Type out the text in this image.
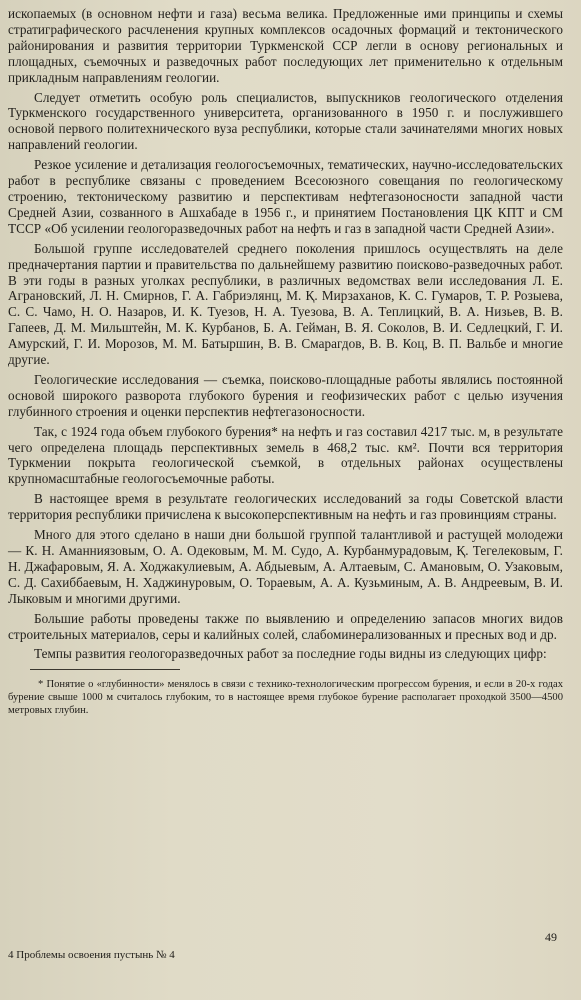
ископаемых (в основном нефти и газа) весьма велика. Предложенные ими принципы и схемы стратиграфического расчленения крупных комплексов осадочных формаций и тектонического районирования и развития территории Туркменской ССР легли в основу региональных и площадных, съемочных и разведочных работ последующих лет применительно к отдельным прикладным направлениям геологии.

Следует отметить особую роль специалистов, выпускников геологического отделения Туркменского государственного университета, организованного в 1950 г. и послужившего основой первого политехнического вуза республики, которые стали зачинателями многих новых направлений геологии.

Резкое усиление и детализация геологосъемочных, тематических, научно-исследовательских работ в республике связаны с проведением Всесоюзного совещания по геологическому строению, тектоническому развитию и перспективам нефтегазоносности западной части Средней Азии, созванного в Ашхабаде в 1956 г., и принятием Постановления ЦК КПТ и СМ ТССР «Об усилении геологоразведочных работ на нефть и газ в западной части Средней Азии».

Большой группе исследователей среднего поколения пришлось осуществлять на деле предначертания партии и правительства по дальнейшему развитию поисково-разведочных работ. В эти годы в разных уголках республики, в различных ведомствах вели исследования Л. Е. Аграновский, Л. Н. Смирнов, Г. А. Габриэлянц, М. Қ. Мирзаханов, К. С. Гумаров, Т. Р. Розыева, С. С. Чамо, Н. О. Назаров, И. К. Туезов, Н. А. Туезова, В. А. Теплицкий, В. А. Низьев, В. В. Гапеев, Д. М. Мильштейн, М. К. Курбанов, Б. А. Гейман, В. Я. Соколов, В. И. Седлецкий, Г. И. Амурский, Г. И. Морозов, М. М. Батыршин, В. В. Смарагдов, В. В. Коц, В. П. Вальбе и многие другие.

Геологические исследования — съемка, поисково-площадные работы являлись постоянной основой широкого разворота глубокого бурения и геофизических работ с целью изучения глубинного строения и оценки перспектив нефтегазоносности.

Так, с 1924 года объем глубокого бурения* на нефть и газ составил 4217 тыс. м, в результате чего определена площадь перспективных земель в 468,2 тыс. км². Почти вся территория Туркмении покрыта геологической съемкой, в отдельных районах осуществлены крупномасштабные геологосъемочные работы.

В настоящее время в результате геологических исследований за годы Советской власти территория республики причислена к высокоперспективным на нефть и газ провинциям страны.

Много для этого сделано в наши дни большой группой талантливой и растущей молодежи — К. Н. Аманниязовым, О. А. Одековым, М. М. Судо, А. Курбанмурадовым, Қ. Тегелековым, Г. Н. Джафаровым, Я. А. Ходжакулиевым, А. Абдыевым, А. Алтаевым, С. Амановым, О. Узаковым, С. Д. Сахиббаевым, Н. Хаджинуровым, О. Тораевым, А. А. Кузьминым, А. В. Андреевым, В. И. Лыковым и многими другими.

Большие работы проведены также по выявлению и определению запасов многих видов строительных материалов, серы и калийных солей, слабоминерализованных и пресных вод и др.

Темпы развития геологоразведочных работ за последние годы видны из следующих цифр:

* Понятие о «глубинности» менялось в связи с технико-технологическим прогрессом бурения, и если в 20-х годах бурение свыше 1000 м считалось глубоким, то в настоящее время глубокое бурение располагает проходкой 3500—4500 метровых глубин.

49
4 Проблемы освоения пустынь № 4
